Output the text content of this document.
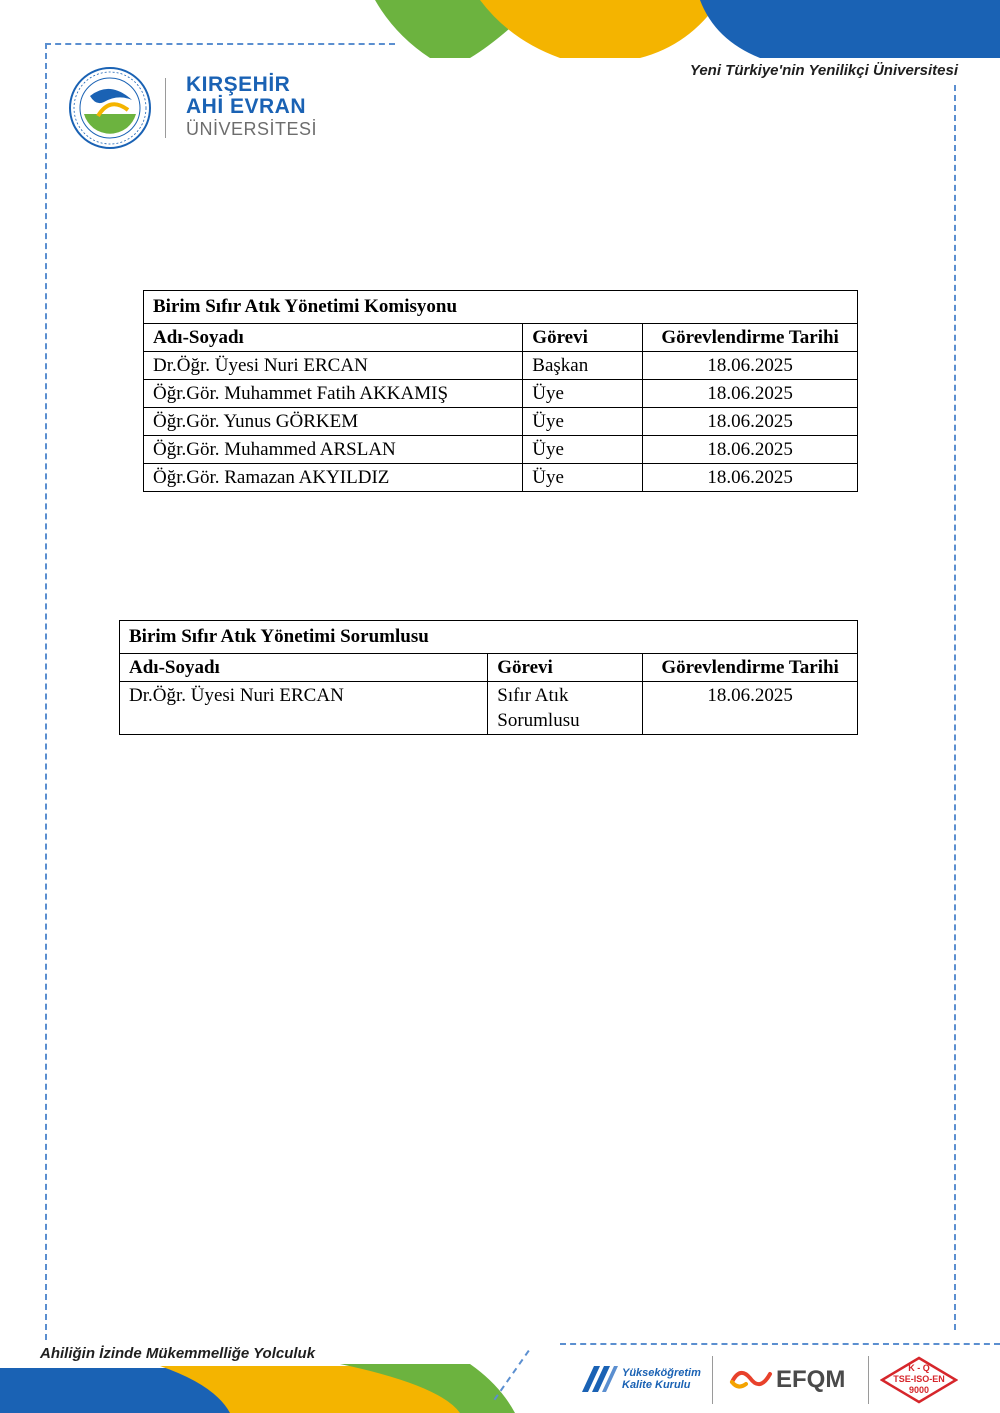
Yeni Türkiye'nin Yenilikçi Üniversitesi
KIRŞEHİR
AHİ EVRAN
ÜNİVERSİTESİ
Birim Sıfır Atık Yönetimi Komisyonu		
Adı-Soyadı	Görevi	Görevlendirme Tarihi
Dr.Öğr. Üyesi Nuri ERCAN	Başkan	18.06.2025
Öğr.Gör. Muhammet Fatih AKKAMIŞ	Üye	18.06.2025
Öğr.Gör. Yunus GÖRKEM	Üye	18.06.2025
Öğr.Gör. Muhammed ARSLAN	Üye	18.06.2025
Öğr.Gör. Ramazan AKYILDIZ	Üye	18.06.2025
Birim Sıfır Atık Yönetimi Sorumlusu		
Adı-Soyadı	Görevi	Görevlendirme Tarihi
Dr.Öğr. Üyesi Nuri ERCAN	Sıfır Atık Sorumlusu	18.06.2025
Ahiliğin İzinde Mükemmelliğe Yolculuk
Yükseköğretim
Kalite Kurulu	EFQM	K - Q
TSE-ISO-EN
9000
